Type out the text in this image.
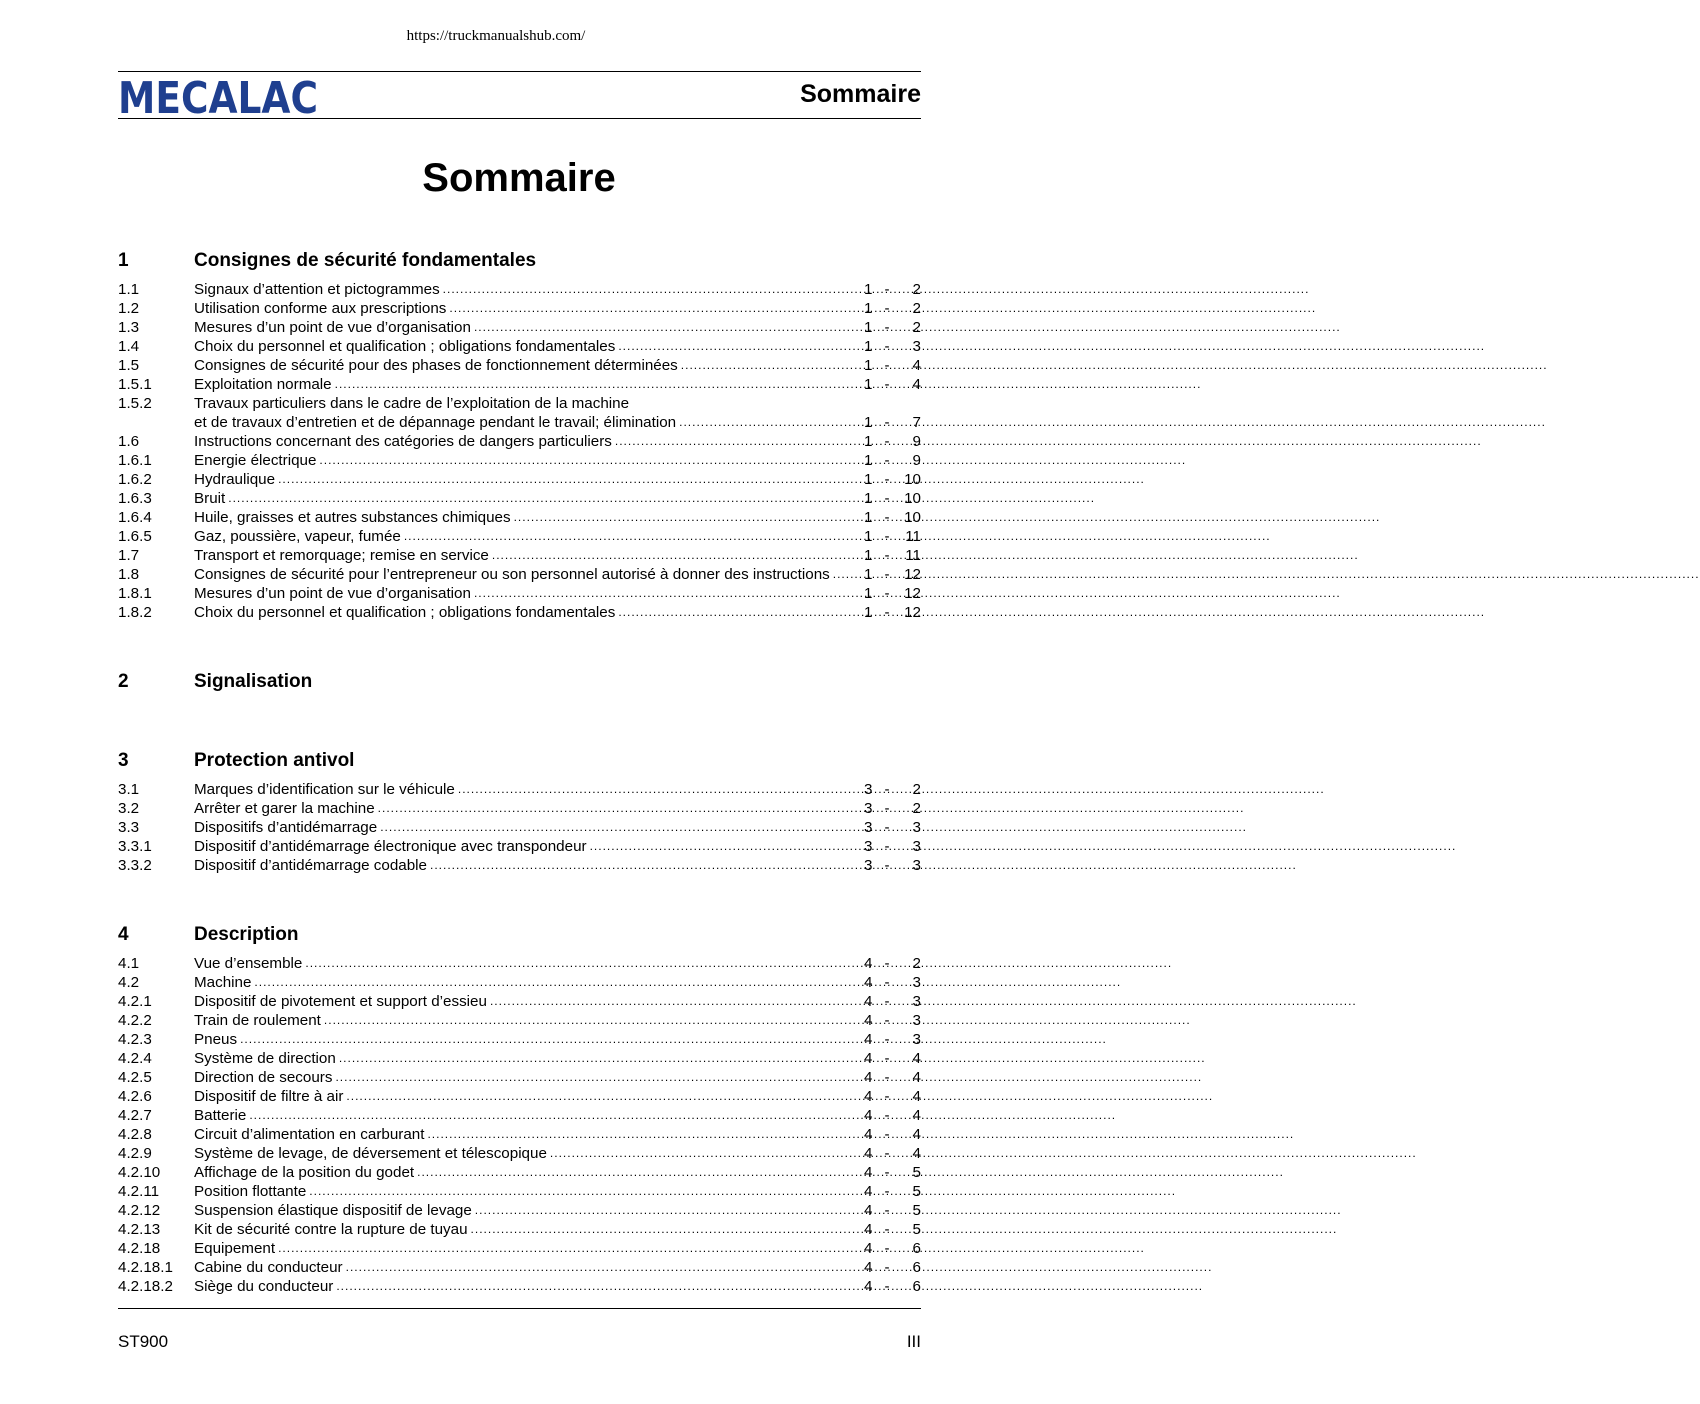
https://truckmanualshub.com/
MECALAC	Sommaire
Sommaire
1	Consignes de sécurité fondamentales
1.1	Signaux d’attention et pictogrammes .....	1 -	2
1.2	Utilisation conforme aux prescriptions .....	1 -	2
1.3	Mesures d’un point de vue d’organisation .....	1 -	2
1.4	Choix du personnel et qualification ; obligations fondamentales .....	1 -	3
1.5	Consignes de sécurité pour des phases de fonctionnement déterminées .....	1 -	4
1.5.1	Exploitation normale .....	1 -	4
1.5.2	Travaux particuliers dans le cadre de l’exploitation de la machine
et de travaux d’entretien et de dépannage pendant le travail; élimination .....	1 -	7
1.6	Instructions concernant des catégories de dangers particuliers .....	1 -	9
1.6.1	Energie électrique .....	1 -	9
1.6.2	Hydraulique .....	1 - 10
1.6.3	Bruit .....	1 - 10
1.6.4	Huile, graisses et autres substances chimiques .....	1 - 10
1.6.5	Gaz, poussière, vapeur, fumée .....	1 -	11
1.7	Transport et remorquage; remise en service .....	1 -	11
1.8	Consignes de sécurité pour l’entrepreneur ou son personnel autorisé à donner des instructions ..... 1 - 12
1.8.1	Mesures d’un point de vue d’organisation .....	1 - 12
1.8.2	Choix du personnel et qualification ; obligations fondamentales .....	1 - 12
2	Signalisation
3	Protection antivol
3.1	Marques d’identification sur le véhicule .....	3 -	2
3.2	Arrêter et garer la machine .....	3 -	2
3.3	Dispositifs d’antidémarrage .....	3 -	3
3.3.1	Dispositif d’antidémarrage électronique avec transpondeur .....	3 -	3
3.3.2	Dispositif d’antidémarrage codable .....	3 -	3
4	Description
4.1	Vue d’ensemble .....	4 -	2
4.2	Machine .....	4 -	3
4.2.1	Dispositif de pivotement et support d’essieu .....	4 -	3
4.2.2	Train de roulement .....	4 -	3
4.2.3	Pneus .....	4 -	3
4.2.4	Système de direction .....	4 -	4
4.2.5	Direction de secours .....	4 -	4
4.2.6	Dispositif de filtre à air .....	4 -	4
4.2.7	Batterie .....	4 -	4
4.2.8	Circuit d’alimentation en carburant .....	4 -	4
4.2.9	Système de levage, de déversement et télescopique .....	4 -	4
4.2.10	Affichage de la position du godet .....	4 -	5
4.2.11	Position flottante .....	4 -	5
4.2.12	Suspension élastique dispositif de levage .....	4 -	5
4.2.13	Kit de sécurité contre la rupture de tuyau .....	4 -	5
4.2.18	Equipement .....	4 -	6
4.2.18.1	Cabine du conducteur .....	4 -	6
4.2.18.2	Siège du conducteur .....	4 -	6
ST900	III
